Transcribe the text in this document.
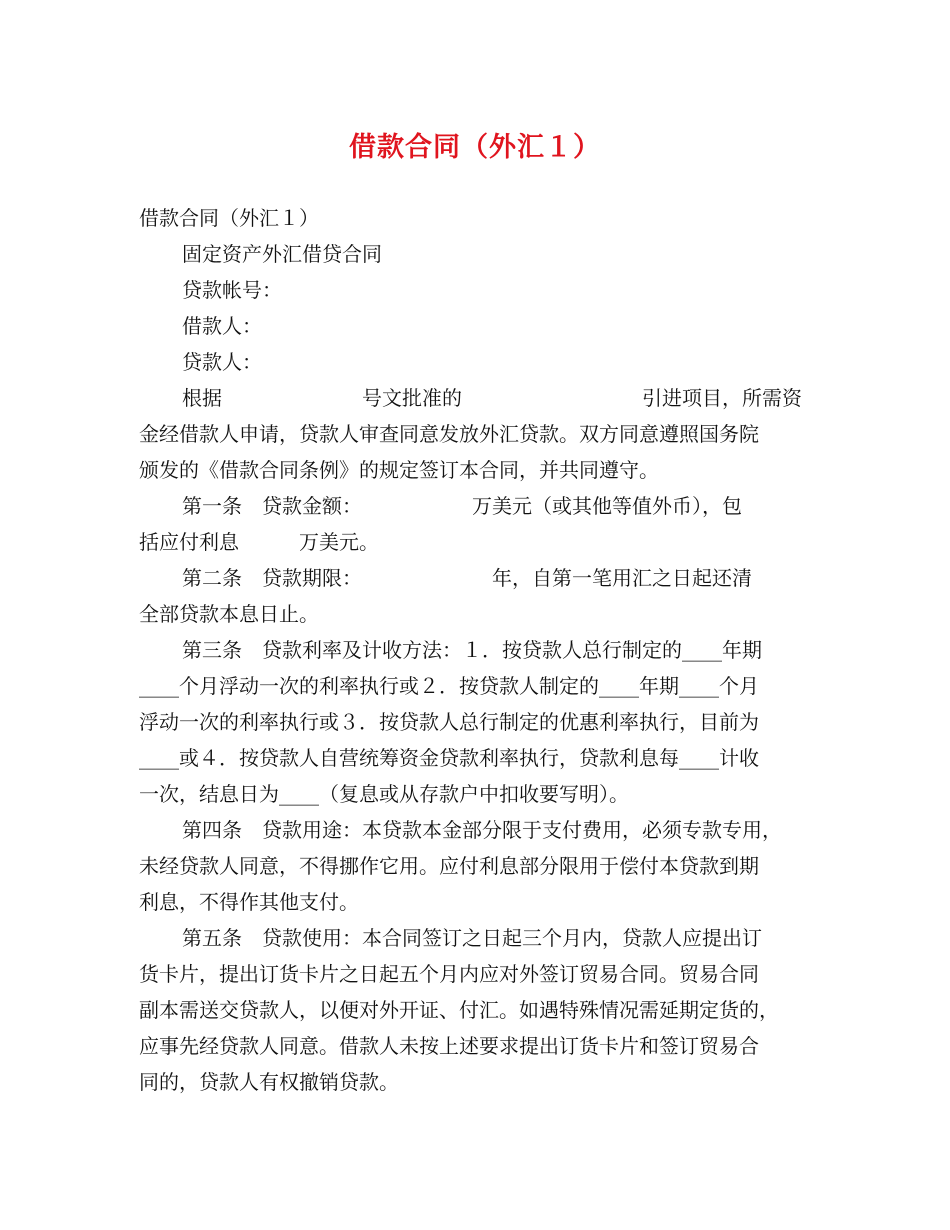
借款合同（外汇１）
借款合同（外汇１）
固定资产外汇借贷合同
贷款帐号：
借款人：
贷款人：
根据　　　　　　　号文批准的　　　　　　　　　引进项目，所需资
金经借款人申请，贷款人审查同意发放外汇贷款。双方同意遵照国务院
颁发的《借款合同条例》的规定签订本合同，并共同遵守。
第一条　贷款金额：　　　　　　万美元（或其他等值外币），包
括应付利息　　　万美元。
第二条　贷款期限：　　　　　　　年，自第一笔用汇之日起还清
全部贷款本息日止。
第三条　贷款利率及计收方法：１．按贷款人总行制定的____年期
____个月浮动一次的利率执行或２．按贷款人制定的____年期____个月
浮动一次的利率执行或３．按贷款人总行制定的优惠利率执行，目前为
____或４．按贷款人自营统筹资金贷款利率执行，贷款利息每____计收
一次，结息日为____（复息或从存款户中扣收要写明）。
第四条　贷款用途：本贷款本金部分限于支付费用，必须专款专用，
未经贷款人同意，不得挪作它用。应付利息部分限用于偿付本贷款到期
利息，不得作其他支付。
第五条　贷款使用：本合同签订之日起三个月内，贷款人应提出订
货卡片，提出订货卡片之日起五个月内应对外签订贸易合同。贸易合同
副本需送交贷款人，以便对外开证、付汇。如遇特殊情况需延期定货的，
应事先经贷款人同意。借款人未按上述要求提出订货卡片和签订贸易合
同的，贷款人有权撤销贷款。
